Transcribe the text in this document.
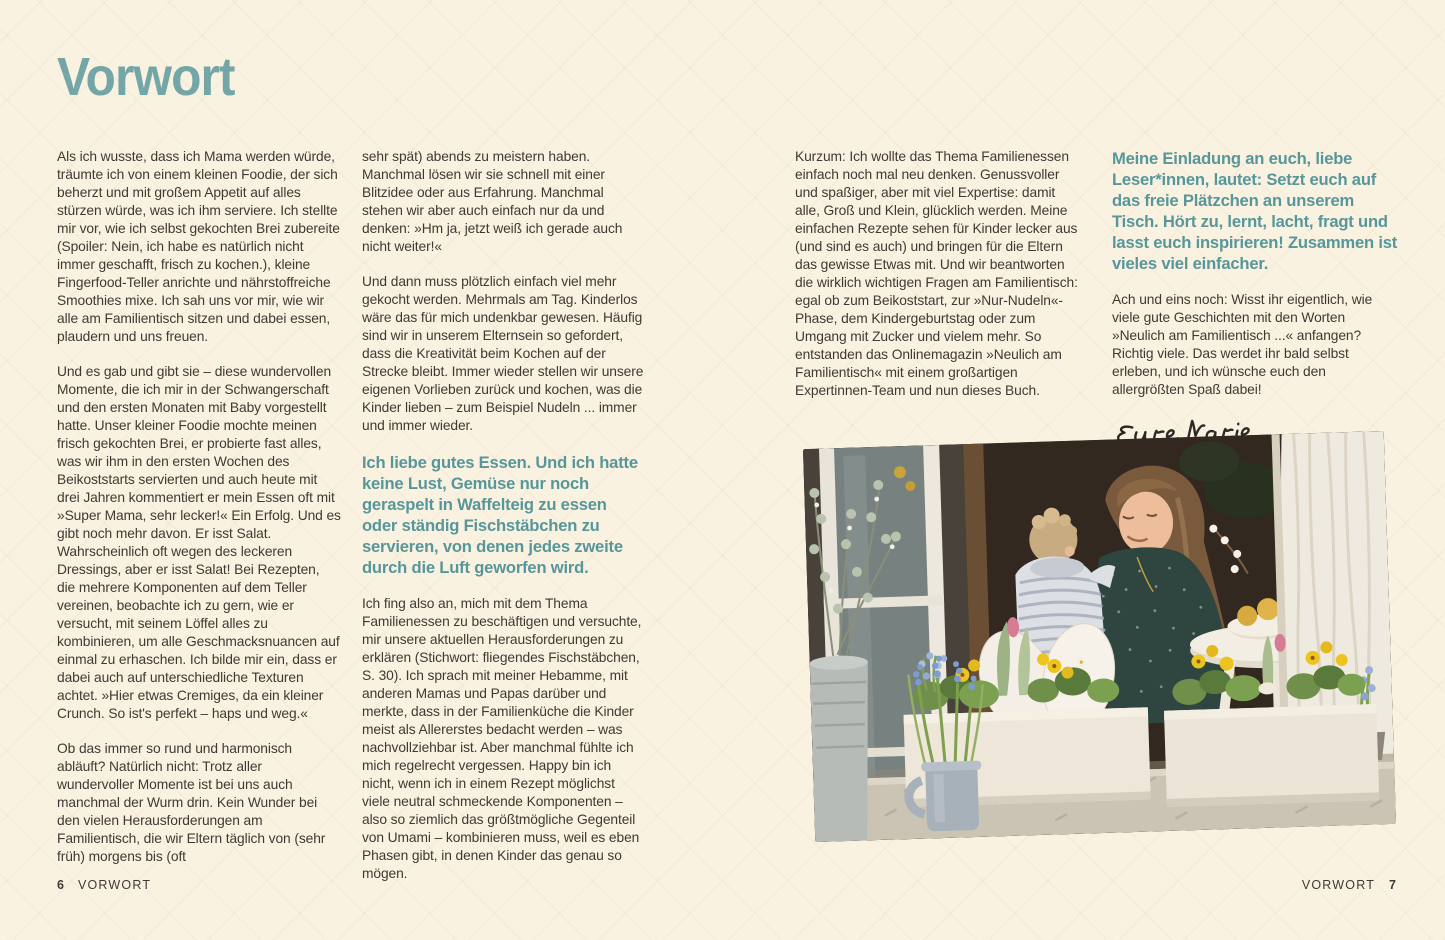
Vorwort

Als ich wusste, dass ich Mama werden würde, träumte ich von einem kleinen Foodie, der sich beherzt und mit großem Appetit auf alles stürzen würde, was ich ihm serviere. Ich stellte mir vor, wie ich selbst gekochten Brei zubereite (Spoiler: Nein, ich habe es natürlich nicht immer geschafft, frisch zu kochen.), kleine Fingerfood-Teller anrichte und nährstoffreiche Smoothies mixe. Ich sah uns vor mir, wie wir alle am Familientisch sitzen und dabei essen, plaudern und uns freuen.

Und es gab und gibt sie – diese wundervollen Momente, die ich mir in der Schwangerschaft und den ersten Monaten mit Baby vorgestellt hatte. Unser kleiner Foodie mochte meinen frisch gekochten Brei, er probierte fast alles, was wir ihm in den ersten Wochen des Beikoststarts servierten und auch heute mit drei Jahren kommentiert er mein Essen oft mit »Super Mama, sehr lecker!« Ein Erfolg. Und es gibt noch mehr davon. Er isst Salat. Wahrscheinlich oft wegen des leckeren Dressings, aber er isst Salat! Bei Rezepten, die mehrere Komponenten auf dem Teller vereinen, beobachte ich zu gern, wie er versucht, mit seinem Löffel alles zu kombinieren, um alle Geschmacksnuancen auf einmal zu erhaschen. Ich bilde mir ein, dass er dabei auch auf unterschiedliche Texturen achtet. »Hier etwas Cremiges, da ein kleiner Crunch. So ist's perfekt – haps und weg.«

Ob das immer so rund und harmonisch abläuft? Natürlich nicht: Trotz aller wundervoller Momente ist bei uns auch manchmal der Wurm drin. Kein Wunder bei den vielen Herausforderungen am Familientisch, die wir Eltern täglich von (sehr früh) morgens bis (oft

sehr spät) abends zu meistern haben. Manchmal lösen wir sie schnell mit einer Blitzidee oder aus Erfahrung. Manchmal stehen wir aber auch einfach nur da und denken: »Hm ja, jetzt weiß ich gerade auch nicht weiter!«

Und dann muss plötzlich einfach viel mehr gekocht werden. Mehrmals am Tag. Kinderlos wäre das für mich undenkbar gewesen. Häufig sind wir in unserem Elternsein so gefordert, dass die Kreativität beim Kochen auf der Strecke bleibt. Immer wieder stellen wir unsere eigenen Vorlieben zurück und kochen, was die Kinder lieben – zum Beispiel Nudeln ... immer und immer wieder.

Ich liebe gutes Essen. Und ich hatte keine Lust, Gemüse nur noch geraspelt in Waffelteig zu essen oder ständig Fischstäbchen zu servieren, von denen jedes zweite durch die Luft geworfen wird.

Ich fing also an, mich mit dem Thema Familienessen zu beschäftigen und versuchte, mir unsere aktuellen Herausforderungen zu erklären (Stichwort: fliegendes Fischstäbchen, S. 30). Ich sprach mit meiner Hebamme, mit anderen Mamas und Papas darüber und merkte, dass in der Familienküche die Kinder meist als Allererstes bedacht werden – was nachvollziehbar ist. Aber manchmal fühlte ich mich regelrecht vergessen. Happy bin ich nicht, wenn ich in einem Rezept möglichst viele neutral schmeckende Komponenten – also so ziemlich das größtmögliche Gegenteil von Umami – kombinieren muss, weil es eben Phasen gibt, in denen Kinder das genau so mögen.

Kurzum: Ich wollte das Thema Familienessen einfach noch mal neu denken. Genussvoller und spaßiger, aber mit viel Expertise: damit alle, Groß und Klein, glücklich werden. Meine einfachen Rezepte sehen für Kinder lecker aus (und sind es auch) und bringen für die Eltern das gewisse Etwas mit. Und wir beantworten die wirklich wichtigen Fragen am Familientisch: egal ob zum Beikoststart, zur »Nur-Nudeln«-Phase, dem Kindergeburtstag oder zum Umgang mit Zucker und vielem mehr. So entstanden das Onlinemagazin »Neulich am Familientisch« mit einem großartigen Expertinnen-Team und nun dieses Buch.

Meine Einladung an euch, liebe Leser*innen, lautet: Setzt euch auf das freie Plätzchen an unserem Tisch. Hört zu, lernt, lacht, fragt und lasst euch inspirieren! Zusammen ist vieles viel einfacher.

Ach und eins noch: Wisst ihr eigentlich, wie viele gute Geschichten mit den Worten »Neulich am Familientisch ...« anfangen? Richtig viele. Das werdet ihr bald selbst erleben, und ich wünsche euch den allergrößten Spaß dabei!

6 VORWORT	VORWORT 7
